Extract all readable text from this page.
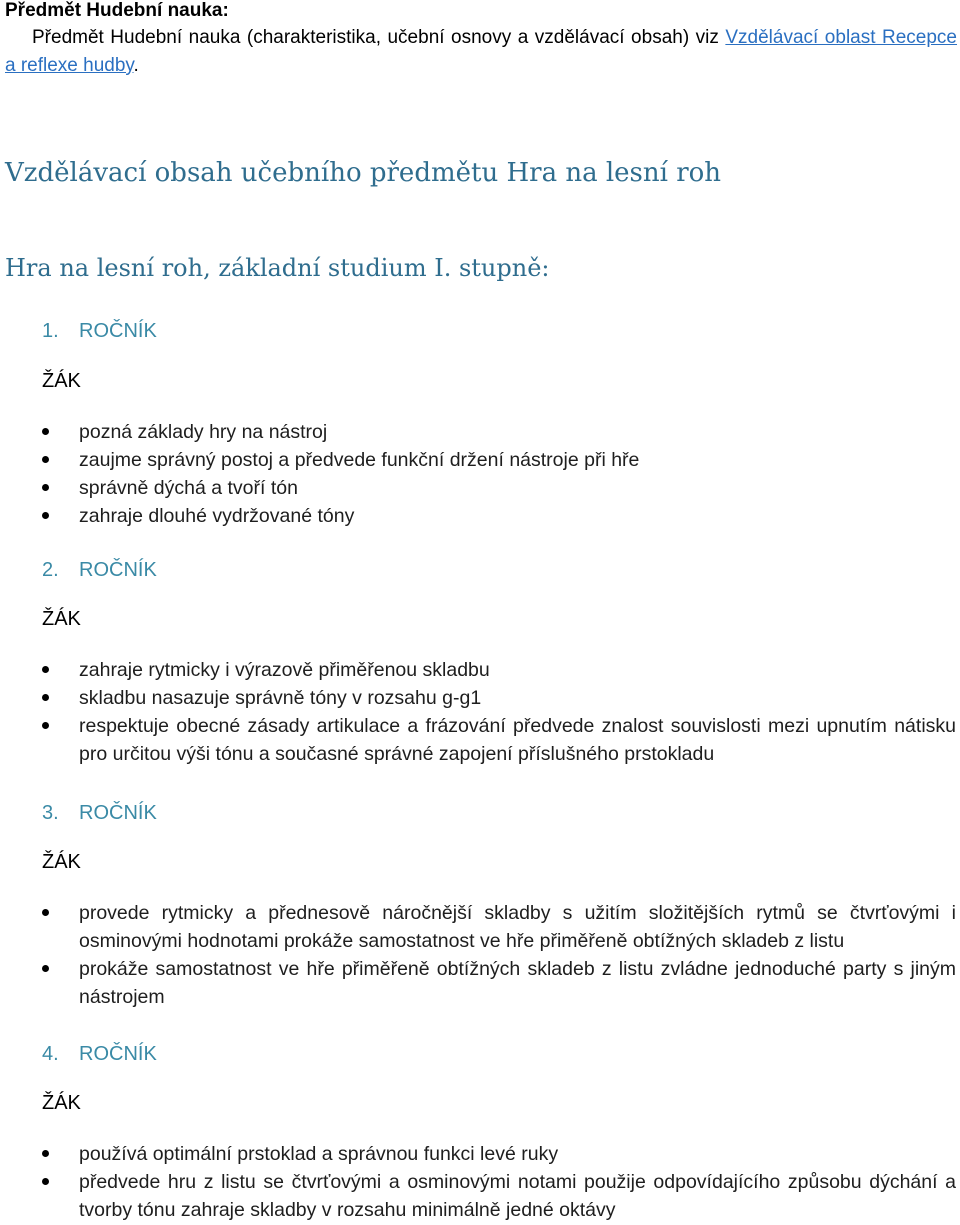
Předmět Hudební nauka:
Předmět Hudební nauka (charakteristika, učební osnovy a vzdělávací obsah) viz Vzdělávací oblast Recepce a reflexe hudby.
Vzdělávací obsah učebního předmětu Hra na lesní roh
Hra na lesní roh, základní studium I. stupně:
1. ROČNÍK
ŽÁK
pozná základy hry na nástroj
zaujme správný postoj a předvede funkční držení nástroje při hře
správně dýchá a tvoří tón
zahraje dlouhé vydržované tóny
2. ROČNÍK
ŽÁK
zahraje rytmicky i výrazově přiměřenou skladbu
skladbu nasazuje správně tóny v rozsahu g-g1
respektuje obecné zásady artikulace a frázování předvede znalost souvislosti mezi upnutím nátisku pro určitou výši tónu a současné správné zapojení příslušného prstokladu
3. ROČNÍK
ŽÁK
provede rytmicky a přednesově náročnější skladby s užitím složitějších rytmů se čtvrťovými i osminovými hodnotami prokáže samostatnost ve hře přiměřeně obtížných skladeb z listu
prokáže samostatnost ve hře přiměřeně obtížných skladeb z listu zvládne jednoduché party s jiným nástrojem
4. ROČNÍK
ŽÁK
používá optimální prstoklad a správnou funkci levé ruky
předvede hru z listu se čtvrťovými a osminovými notami použije odpovídajícího způsobu dýchání a tvorby tónu zahraje skladby v rozsahu minimálně jedné oktávy
